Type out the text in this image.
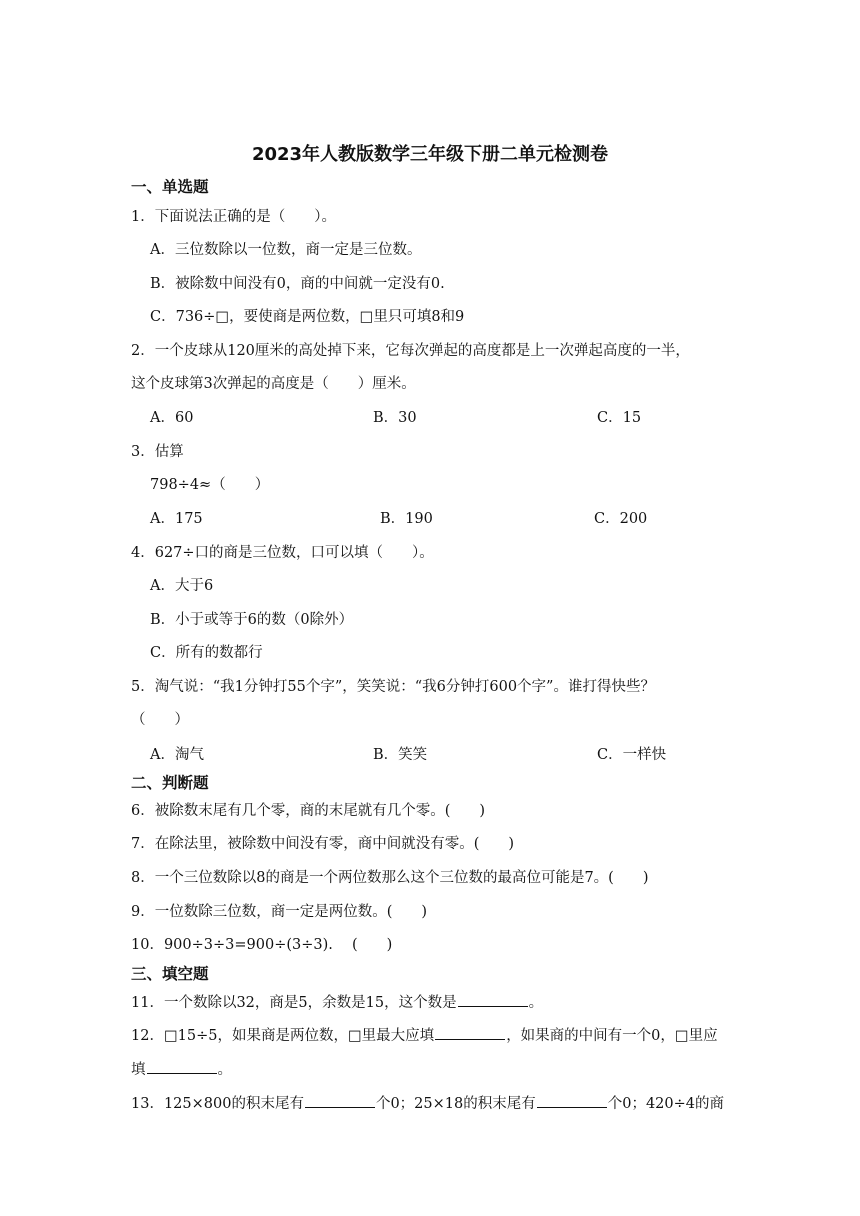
2023年人教版数学三年级下册二单元检测卷
一、单选题
1．下面说法正确的是（　　）。
A．三位数除以一位数，商一定是三位数。
B．被除数中间没有0，商的中间就一定没有0.
C．736÷□，要使商是两位数，□里只可填8和9
2．一个皮球从120厘米的高处掉下来，它每次弹起的高度都是上一次弹起高度的一半，
这个皮球第3次弹起的高度是（　　）厘米。
A．60	B．30	C．15
3．估算
798÷4≈（　　）
A．175	B．190	C．200
4．627÷口的商是三位数，口可以填（　　）。
A．大于6
B．小于或等于6的数（0除外）
C．所有的数都行
5．淘气说：“我1分钟打55个字”，笑笑说：“我6分钟打600个字”。谁打得快些？
（　　）
A．淘气	B．笑笑	C．一样快
二、判断题
6．被除数末尾有几个零，商的末尾就有几个零。(　　)
7．在除法里，被除数中间没有零，商中间就没有零。(　　)
8．一个三位数除以8的商是一个两位数那么这个三位数的最高位可能是7。(　　)
9．一位数除三位数，商一定是两位数。(　　)
10．900÷3÷3=900÷(3÷3). 　(　　)
三、填空题
11．一个数除以32，商是5，余数是15，这个数是	。
12．□15÷5，如果商是两位数，□里最大应填	，如果商的中间有一个0，□里应
填	。
13．125×800的积末尾有	个0；25×18的积末尾有	个0；420÷4的商
